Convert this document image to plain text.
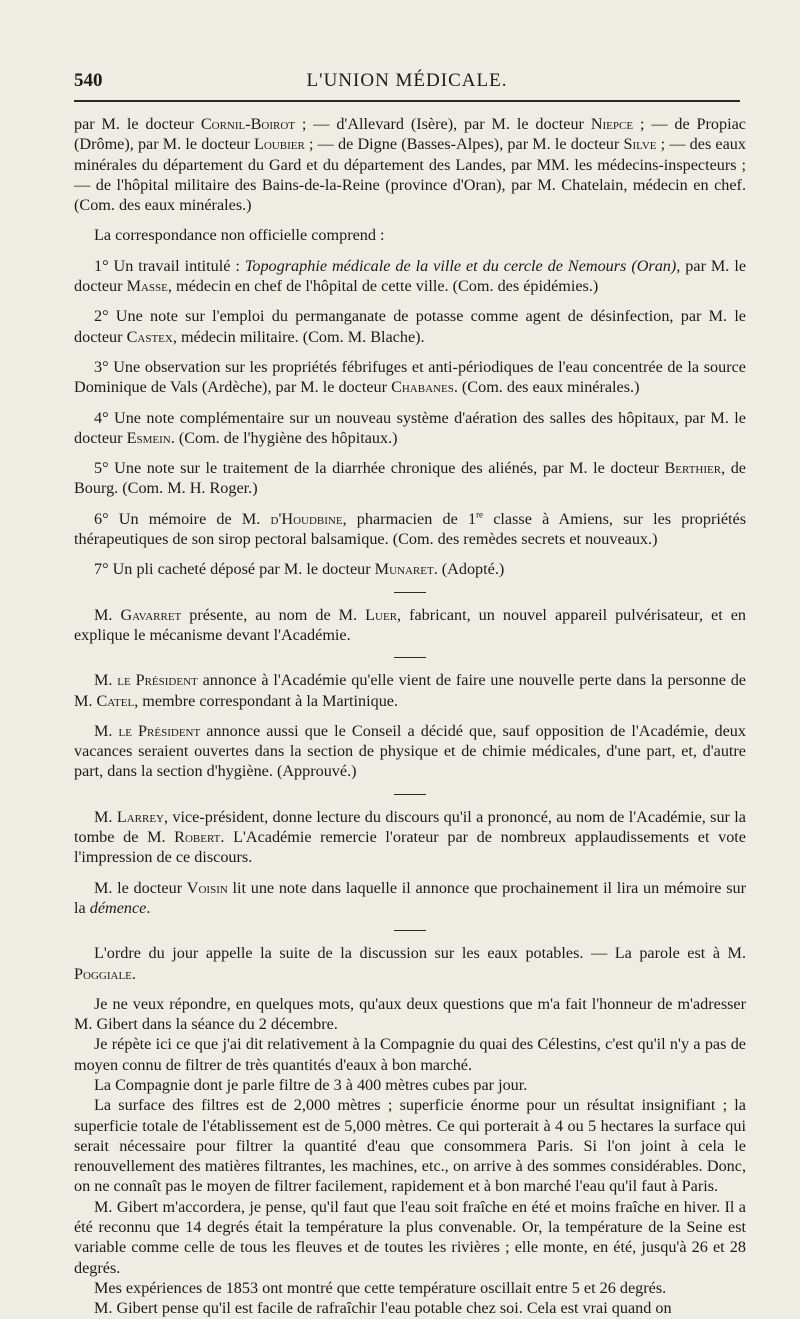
540	L'UNION MÉDICALE.

par M. le docteur Cornil-Boirot ; — d'Allevard (Isère), par M. le docteur Niepce ; — de Propiac (Drôme), par M. le docteur Loubier ; — de Digne (Basses-Alpes), par M. le docteur Silve ; — des eaux minérales du département du Gard et du département des Landes, par MM. les médecins-inspecteurs ; — de l'hôpital militaire des Bains-de-la-Reine (province d'Oran), par M. Chatelain, médecin en chef. (Com. des eaux minérales.)

La correspondance non officielle comprend :

1° Un travail intitulé : Topographie médicale de la ville et du cercle de Nemours (Oran), par M. le docteur Masse, médecin en chef de l'hôpital de cette ville. (Com. des épidémies.)

2° Une note sur l'emploi du permanganate de potasse comme agent de désinfection, par M. le docteur Castex, médecin militaire. (Com. M. Blache).

3° Une observation sur les propriétés fébrifuges et anti-périodiques de l'eau concentrée de la source Dominique de Vals (Ardèche), par M. le docteur Chabanes. (Com. des eaux minérales.)

4° Une note complémentaire sur un nouveau système d'aération des salles des hôpitaux, par M. le docteur Esmein. (Com. de l'hygiène des hôpitaux.)

5° Une note sur le traitement de la diarrhée chronique des aliénés, par M. le docteur Berthier, de Bourg. (Com. M. H. Roger.)

6° Un mémoire de M. d'Houdbine, pharmacien de 1re classe à Amiens, sur les propriétés thérapeutiques de son sirop pectoral balsamique. (Com. des remèdes secrets et nouveaux.)

7° Un pli cacheté déposé par M. le docteur Munaret. (Adopté.)

M. Gavarret présente, au nom de M. Luer, fabricant, un nouvel appareil pulvérisateur, et en explique le mécanisme devant l'Académie.

M. le Président annonce à l'Académie qu'elle vient de faire une nouvelle perte dans la personne de M. Catel, membre correspondant à la Martinique.

M. le Président annonce aussi que le Conseil a décidé que, sauf opposition de l'Académie, deux vacances seraient ouvertes dans la section de physique et de chimie médicales, d'une part, et, d'autre part, dans la section d'hygiène. (Approuvé.)

M. Larrey, vice-président, donne lecture du discours qu'il a prononcé, au nom de l'Académie, sur la tombe de M. Robert. L'Académie remercie l'orateur par de nombreux applaudissements et vote l'impression de ce discours.

M. le docteur Voisin lit une note dans laquelle il annonce que prochainement il lira un mémoire sur la démence.

L'ordre du jour appelle la suite de la discussion sur les eaux potables. — La parole est à M. Poggiale.

Je ne veux répondre, en quelques mots, qu'aux deux questions que m'a fait l'honneur de m'adresser M. Gibert dans la séance du 2 décembre.

Je répète ici ce que j'ai dit relativement à la Compagnie du quai des Célestins, c'est qu'il n'y a pas de moyen connu de filtrer de très quantités d'eaux à bon marché.

La Compagnie dont je parle filtre de 3 à 400 mètres cubes par jour.

La surface des filtres est de 2,000 mètres ; superficie énorme pour un résultat insignifiant ; la superficie totale de l'établissement est de 5,000 mètres. Ce qui porterait à 4 ou 5 hectares la surface qui serait nécessaire pour filtrer la quantité d'eau que consommera Paris. Si l'on joint à cela le renouvellement des matières filtrantes, les machines, etc., on arrive à des sommes considérables. Donc, on ne connaît pas le moyen de filtrer facilement, rapidement et à bon marché l'eau qu'il faut à Paris.

M. Gibert m'accordera, je pense, qu'il faut que l'eau soit fraîche en été et moins fraîche en hiver. Il a été reconnu que 14 degrés était la température la plus convenable. Or, la température de la Seine est variable comme celle de tous les fleuves et de toutes les rivières ; elle monte, en été, jusqu'à 26 et 28 degrés.

Mes expériences de 1853 ont montré que cette température oscillait entre 5 et 26 degrés.

M. Gibert pense qu'il est facile de rafraîchir l'eau potable chez soi. Cela est vrai quand on
